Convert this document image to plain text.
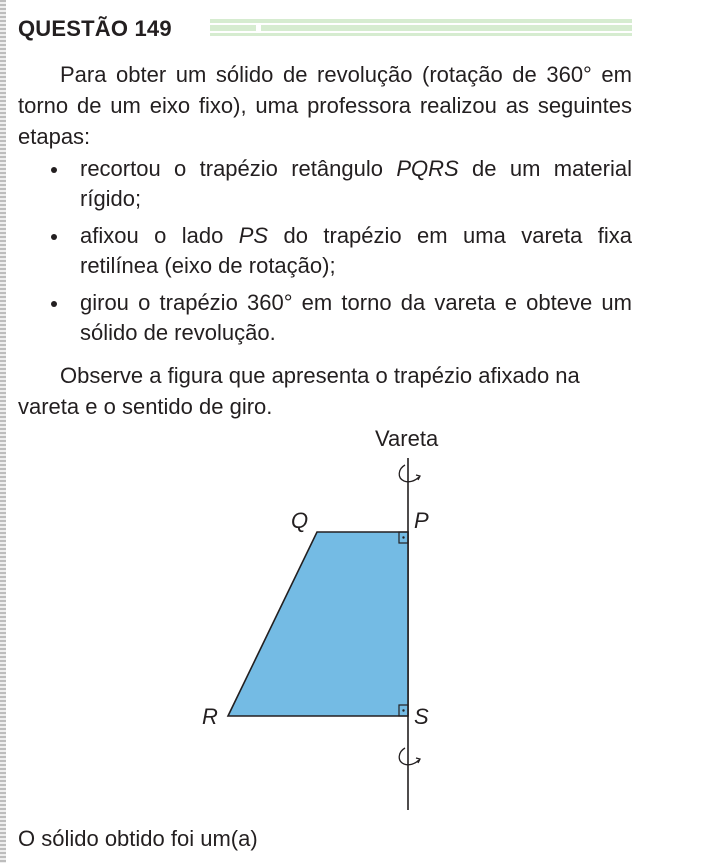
QUESTÃO 149

Para obter um sólido de revolução (rotação de 360° em torno de um eixo fixo), uma professora realizou as seguintes etapas:

recortou o trapézio retângulo PQRS de um material rígido;
afixou o lado PS do trapézio em uma vareta fixa retilínea (eixo de rotação);
girou o trapézio 360° em torno da vareta e obteve um sólido de revolução.

Observe a figura que apresenta o trapézio afixado na vareta e o sentido de giro.

Vareta
Q	P
R	S

O sólido obtido foi um(a)
